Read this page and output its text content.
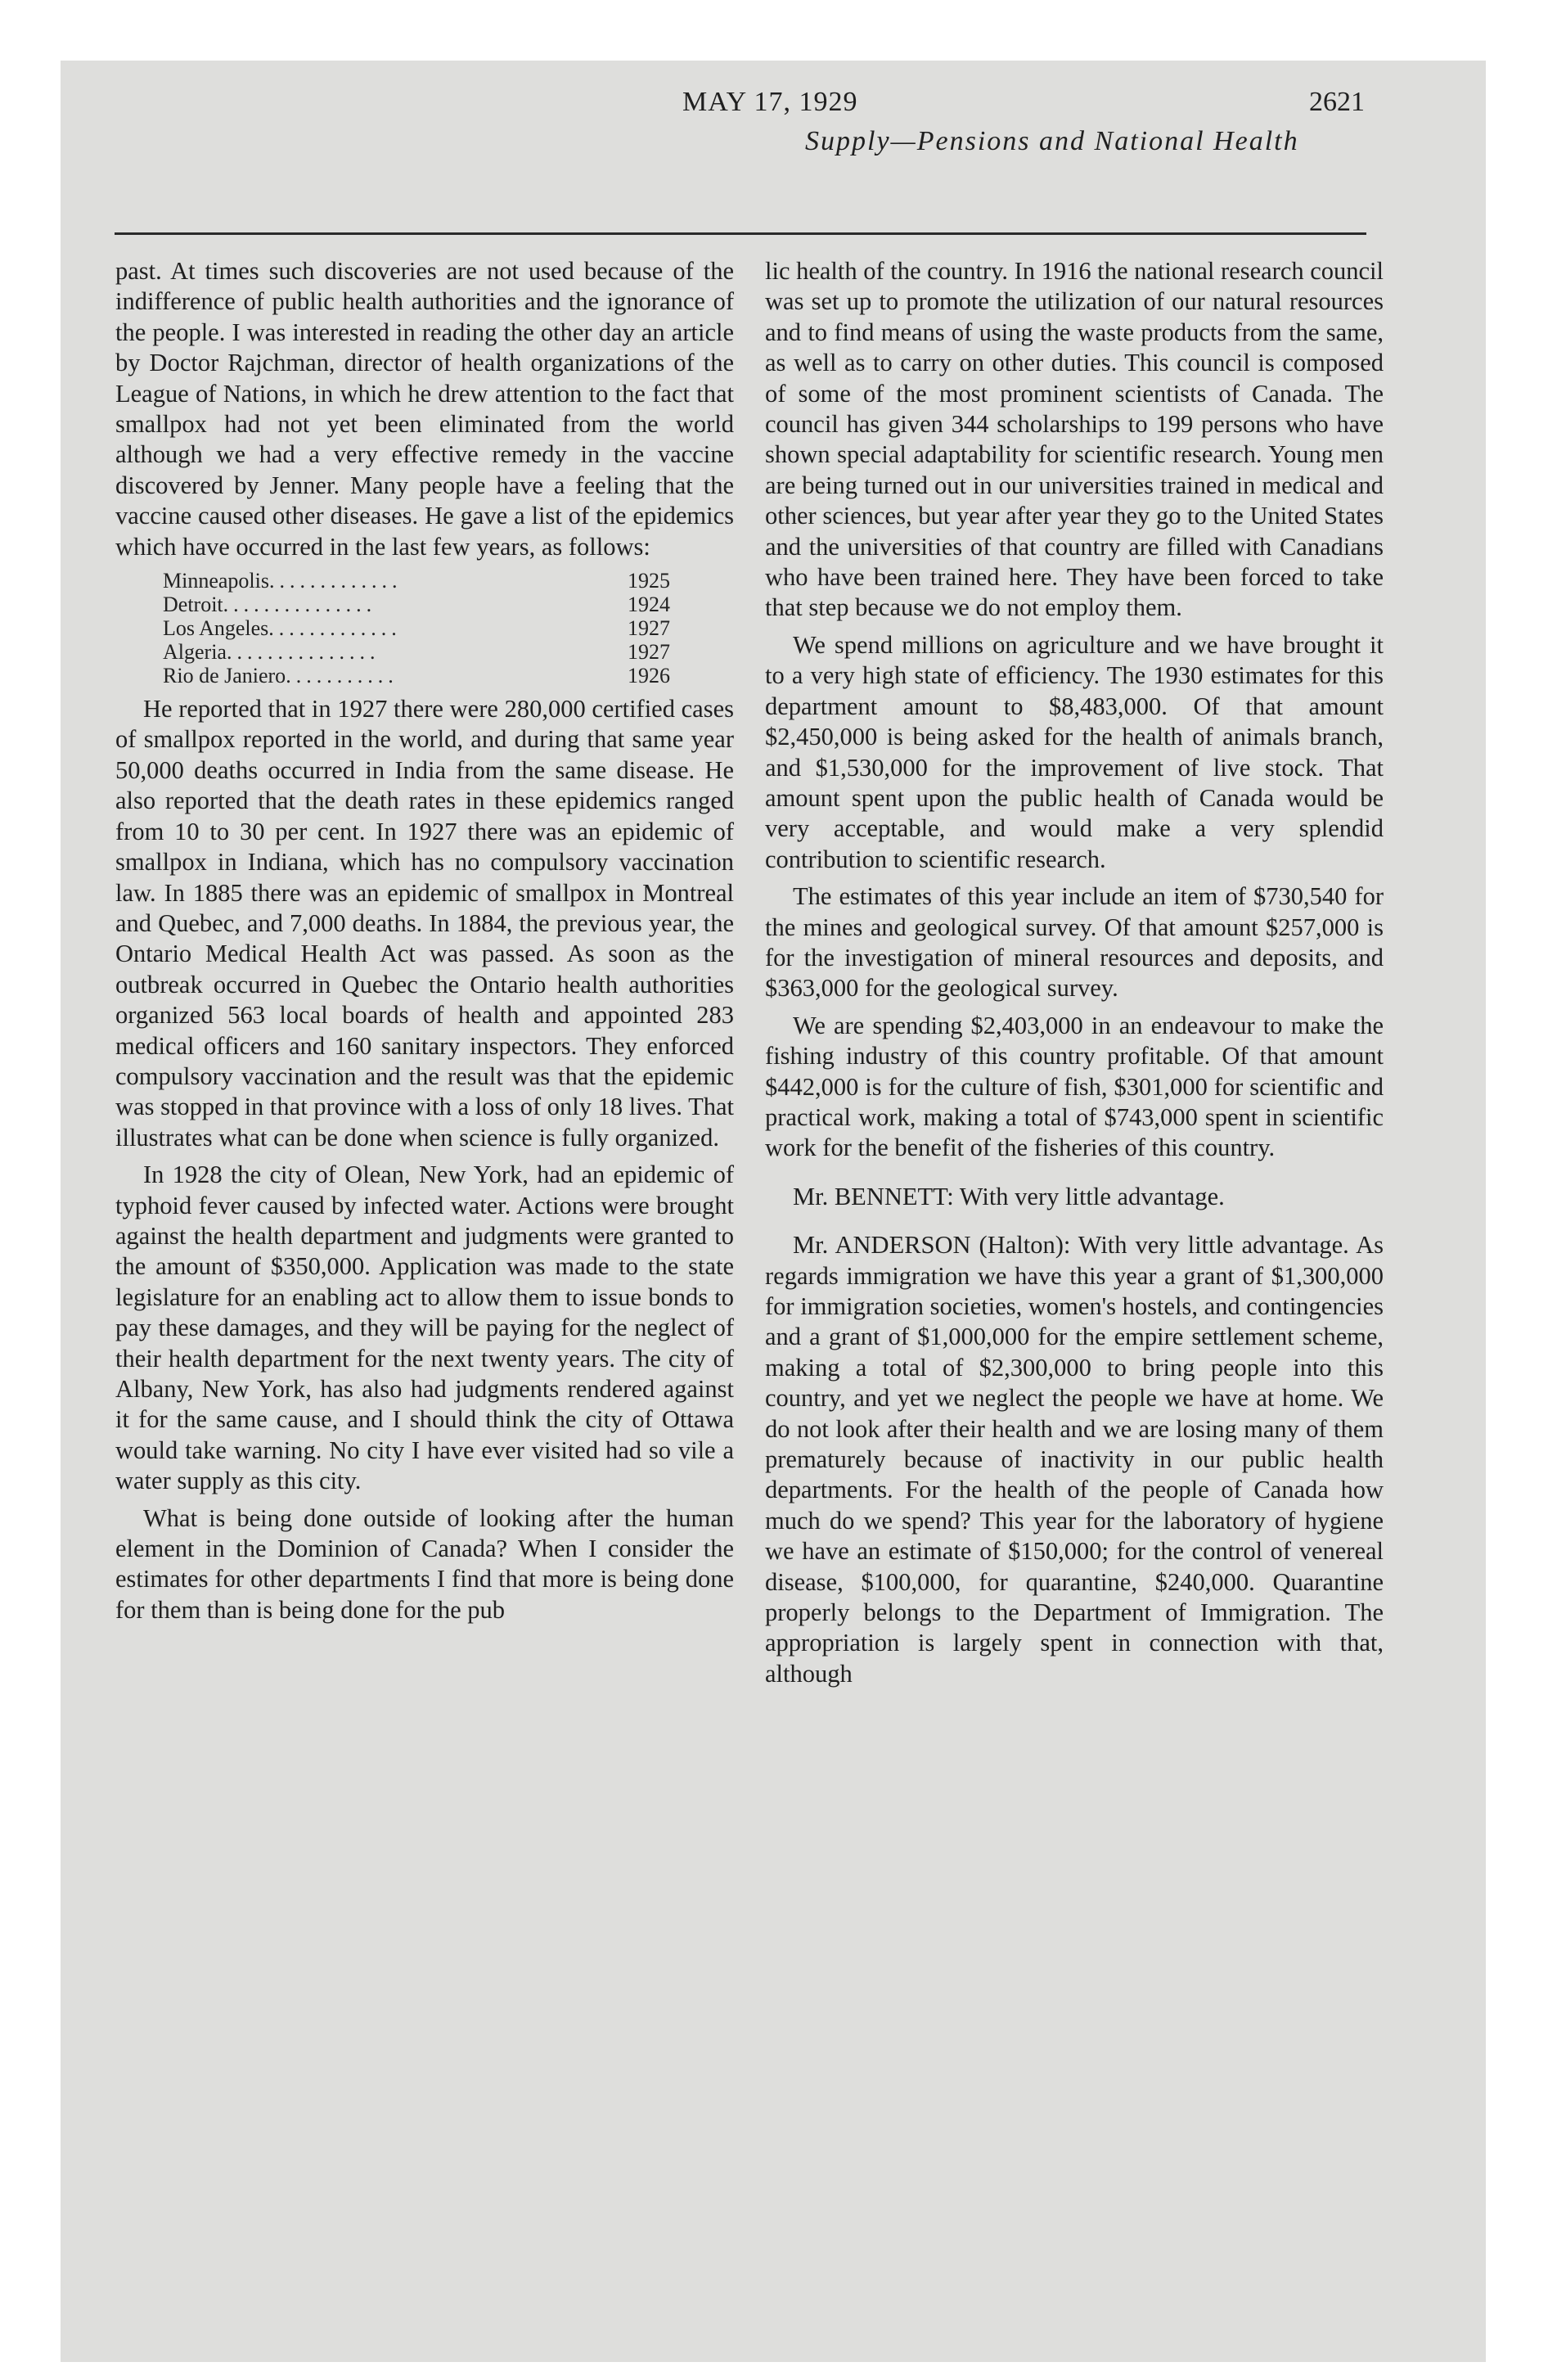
MAY 17, 1929	2621
Supply—Pensions and National Health

past. At times such discoveries are not used because of the indifference of public health authorities and the ignorance of the people. I was interested in reading the other day an article by Doctor Rajchman, director of health organizations of the League of Nations, in which he drew attention to the fact that smallpox had not yet been eliminated from the world although we had a very effective remedy in the vaccine discovered by Jenner. Many people have a feeling that the vaccine caused other diseases. He gave a list of the epidemics which have occurred in the last few years, as follows:

Minneapolis.............	1925
Detroit...............	1924
Los Angeles.............	1927
Algeria...............	1927
Rio de Janiero...........	1926

He reported that in 1927 there were 280,000 certified cases of smallpox reported in the world, and during that same year 50,000 deaths occurred in India from the same disease. He also reported that the death rates in these epidemics ranged from 10 to 30 per cent. In 1927 there was an epidemic of smallpox in Indiana, which has no compulsory vaccination law. In 1885 there was an epidemic of smallpox in Montreal and Quebec, and 7,000 deaths. In 1884, the previous year, the Ontario Medical Health Act was passed. As soon as the outbreak occurred in Quebec the Ontario health authorities organized 563 local boards of health and appointed 283 medical officers and 160 sanitary inspectors. They enforced compulsory vaccination and the result was that the epidemic was stopped in that province with a loss of only 18 lives. That illustrates what can be done when science is fully organized.

In 1928 the city of Olean, New York, had an epidemic of typhoid fever caused by infected water. Actions were brought against the health department and judgments were granted to the amount of $350,000. Application was made to the state legislature for an enabling act to allow them to issue bonds to pay these damages, and they will be paying for the neglect of their health department for the next twenty years. The city of Albany, New York, has also had judgments rendered against it for the same cause, and I should think the city of Ottawa would take warning. No city I have ever visited had so vile a water supply as this city.

What is being done outside of looking after the human element in the Dominion of Canada? When I consider the estimates for other departments I find that more is being done for them than is being done for the pub

lic health of the country. In 1916 the national research council was set up to promote the utilization of our natural resources and to find means of using the waste products from the same, as well as to carry on other duties. This council is composed of some of the most prominent scientists of Canada. The council has given 344 scholarships to 199 persons who have shown special adaptability for scientific research. Young men are being turned out in our universities trained in medical and other sciences, but year after year they go to the United States and the universities of that country are filled with Canadians who have been trained here. They have been forced to take that step because we do not employ them.

We spend millions on agriculture and we have brought it to a very high state of efficiency. The 1930 estimates for this department amount to $8,483,000. Of that amount $2,450,000 is being asked for the health of animals branch, and $1,530,000 for the improvement of live stock. That amount spent upon the public health of Canada would be very acceptable, and would make a very splendid contribution to scientific research.

The estimates of this year include an item of $730,540 for the mines and geological survey. Of that amount $257,000 is for the investigation of mineral resources and deposits, and $363,000 for the geological survey.

We are spending $2,403,000 in an endeavour to make the fishing industry of this country profitable. Of that amount $442,000 is for the culture of fish, $301,000 for scientific and practical work, making a total of $743,000 spent in scientific work for the benefit of the fisheries of this country.

Mr. BENNETT: With very little advantage.

Mr. ANDERSON (Halton): With very little advantage. As regards immigration we have this year a grant of $1,300,000 for immigration societies, women's hostels, and contingencies and a grant of $1,000,000 for the empire settlement scheme, making a total of $2,300,000 to bring people into this country, and yet we neglect the people we have at home. We do not look after their health and we are losing many of them prematurely because of inactivity in our public health departments. For the health of the people of Canada how much do we spend? This year for the laboratory of hygiene we have an estimate of $150,000; for the control of venereal disease, $100,000, for quarantine, $240,000. Quarantine properly belongs to the Department of Immigration. The appropriation is largely spent in connection with that, although
